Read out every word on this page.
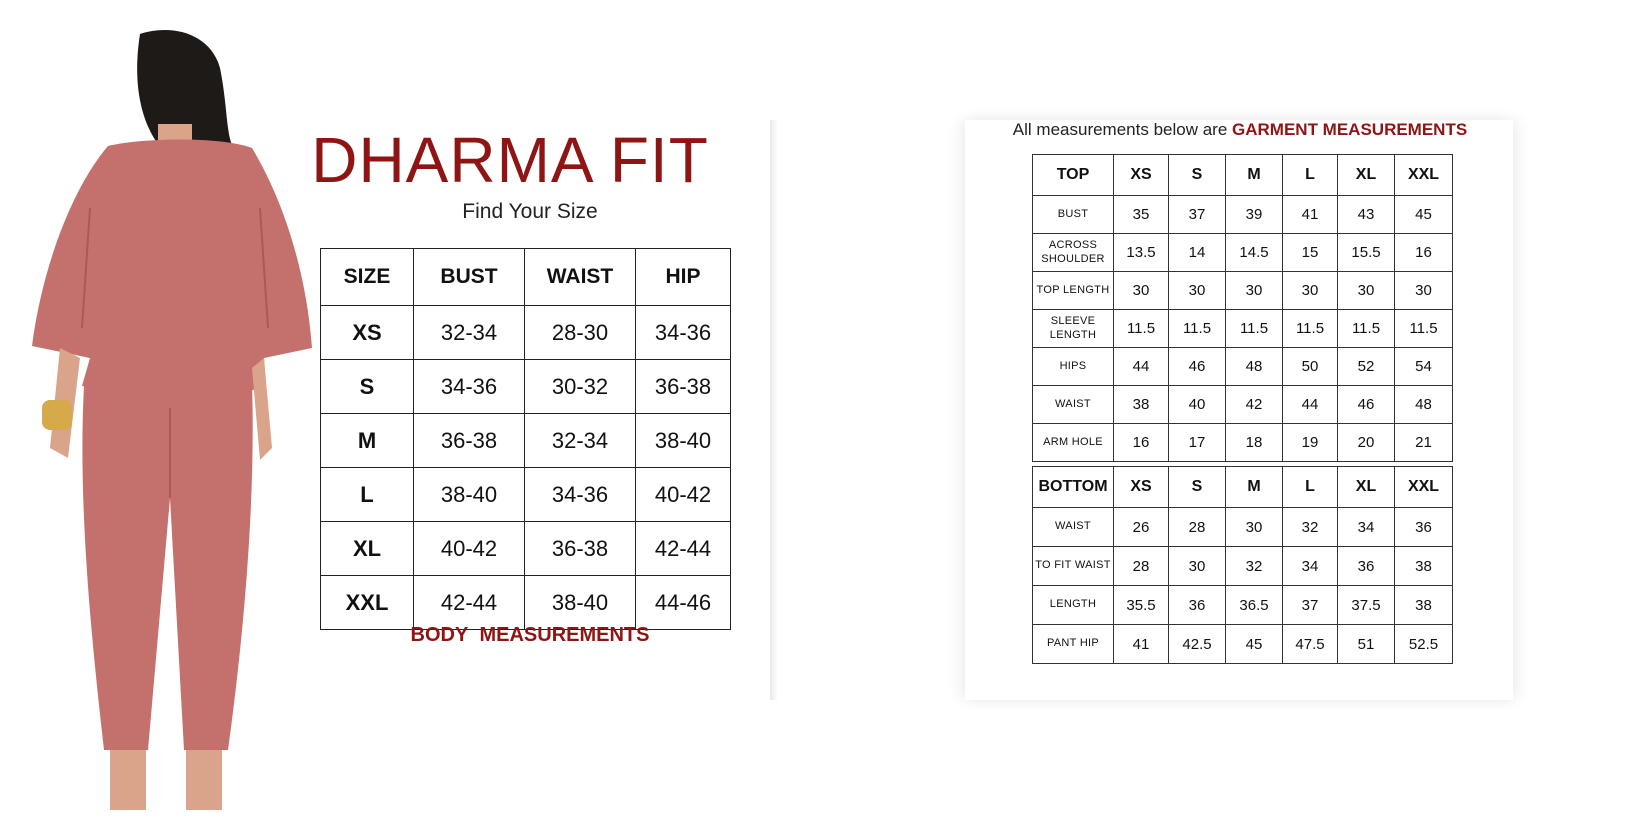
DHARMA FIT

Find Your Size

SIZE	BUST	WAIST	HIP
XS	32-34	28-30	34-36
S	34-36	30-32	36-38
M	36-38	32-34	38-40
L	38-40	34-36	40-42
XL	40-42	36-38	42-44
XXL	42-44	38-40	44-46
BODY MEASUREMENTS
All measurements below are GARMENT MEASUREMENTS
TOP	XS	S	M	L	XL	XXL
BUST	35	37	39	41	43	45
ACROSS SHOULDER	13.5	14	14.5	15	15.5	16
TOP LENGTH	30	30	30	30	30	30
SLEEVE LENGTH	11.5	11.5	11.5	11.5	11.5	11.5
HIPS	44	46	48	50	52	54
WAIST	38	40	42	44	46	48
ARM HOLE	16	17	18	19	20	21
BOTTOM	XS	S	M	L	XL	XXL
WAIST	26	28	30	32	34	36
TO FIT WAIST	28	30	32	34	36	38
LENGTH	35.5	36	36.5	37	37.5	38
PANT HIP	41	42.5	45	47.5	51	52.5
